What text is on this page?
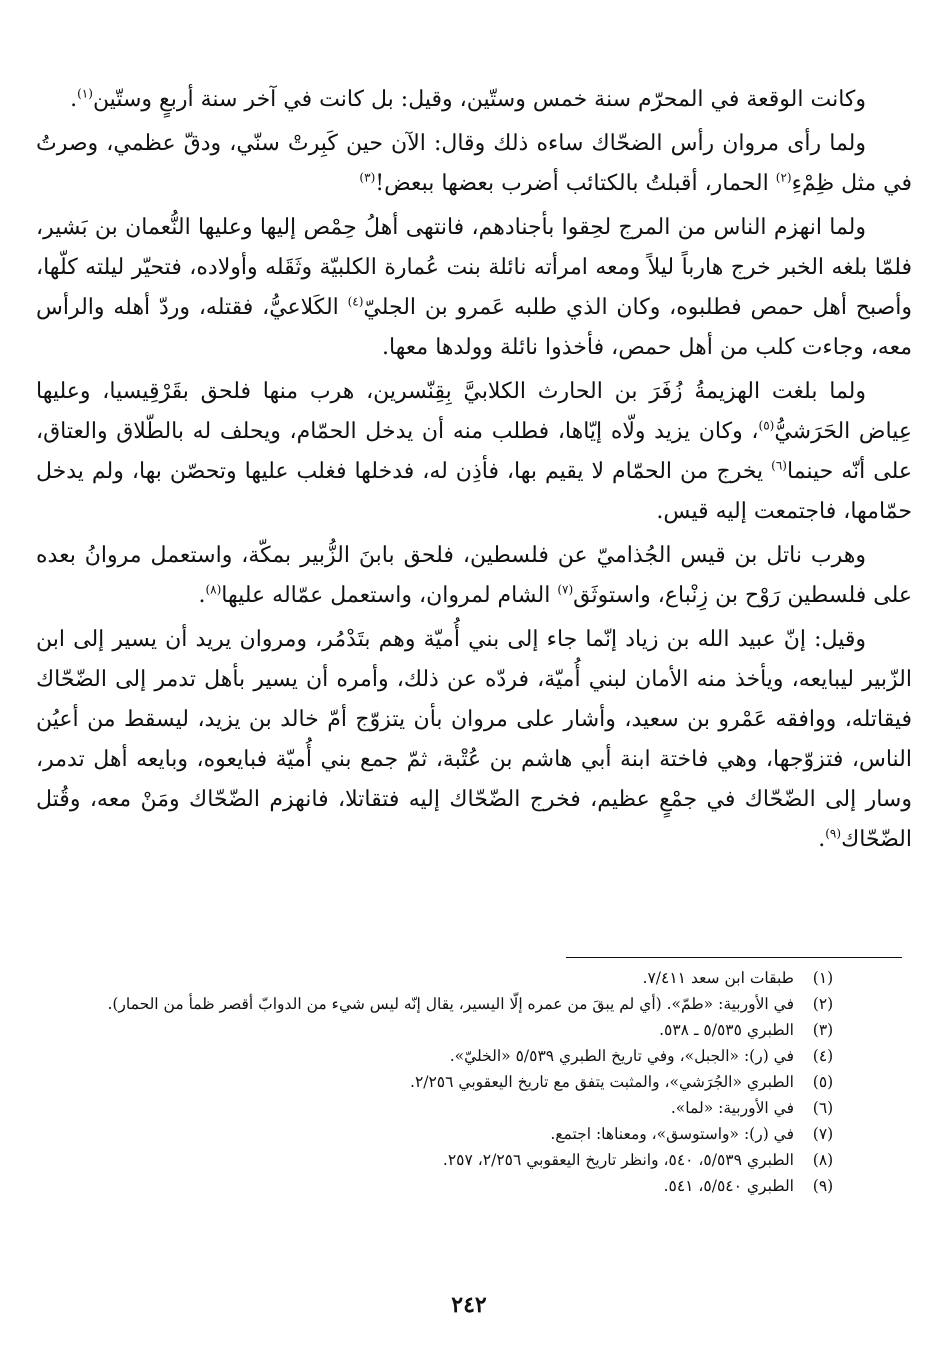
وكانت الوقعة في المحرّم سنة خمس وستّين، وقيل: بل كانت في آخر سنة أربعٍ وستّين$^{(١)}$.

ولما رأى مروان رأس الضحّاك ساءه ذلك وقال: الآن حين كَبِرتْ سنّي، ودقّ عظمي، وصرتُ في مثل ظِمْءِ$^{(٢)}$ الحمار، أقبلتُ بالكتائب أضرب بعضها ببعض!$^{(٣)}$

ولما انهزم الناس من المرج لحِقوا بأجنادهم، فانتهى أهلُ حِمْص إليها وعليها النُّعمان بن بَشير، فلمّا بلغه الخبر خرج هارباً ليلاً ومعه امرأته نائلة بنت عُمارة الكلبيّة وثَقَله وأولاده، فتحيّر ليلته كلّها، وأصبح أهل حمص فطلبوه، وكان الذي طلبه عَمرو بن الجليّ$^{(٤)}$ الكَلاعيُّ، فقتله، وردّ أهله والرأس معه، وجاءت كلب من أهل حمص، فأخذوا نائلة وولدها معها.

ولما بلغت الهزيمةُ زُفَرَ بن الحارث الكلابيَّ بِقِنّسرين، هرب منها فلحق بقَرْقِيسيا، وعليها عِياض الحَرَشيُّ$^{(٥)}$، وكان يزيد ولّاه إيّاها، فطلب منه أن يدخل الحمّام، ويحلف له بالطّلاق والعتاق، على أنّه حينما$^{(٦)}$ يخرج من الحمّام لا يقيم بها، فأذِن له، فدخلها فغلب عليها وتحصّن بها، ولم يدخل حمّامها، فاجتمعت إليه قيس.

وهرب ناتل بن قيس الجُذاميّ عن فلسطين، فلحق بابنَ الزُّبير بمكّة، واستعمل مروانُ بعده على فلسطين رَوْح بن زِنْباع، واستوثَق$^{(٧)}$ الشام لمروان، واستعمل عمّاله عليها$^{(٨)}$.

وقيل: إنّ عبيد الله بن زياد إنّما جاء إلى بني أُميّة وهم بتَدْمُر، ومروان يريد أن يسير إلى ابن الزّبير ليبايعه، ويأخذ منه الأمان لبني أُميّة، فردّه عن ذلك، وأمره أن يسير بأهل تدمر إلى الضّحّاك فيقاتله، ووافقه عَمْرو بن سعيد، وأشار على مروان بأن يتزوّج أمّ خالد بن يزيد، ليسقط من أعيُن الناس، فتزوّجها، وهي فاختة ابنة أبي هاشم بن عُتْبة، ثمّ جمع بني أُميّة فبايعوه، وبايعه أهل تدمر، وسار إلى الضّحّاك في جمْعٍ عظيم، فخرج الضّحّاك إليه فتقاتلا، فانهزم الضّحّاك ومَنْ معه، وقُتل الضّحّاك$^{(٩)}$.

(١)
طبقات ابن سعد ٧/٤١١.
(٢)
في الأوربية: «طمّ». (أي لم يبقَ من عمره إلّا اليسير، يقال إنّه ليس شيء من الدوابّ أقصر ظمأ من الحمار).
(٣)
الطبري ٥/٥٣٥ ـ ٥٣٨.
(٤)
في (ر): «الجبل»، وفي تاريخ الطبري ٥/٥٣٩ «الخليّ».
(٥)
الطبري «الجُرَشي»، والمثبت يتفق مع تاريخ اليعقوبي ٢/٢٥٦.
(٦)
في الأوربية: «لما».
(٧)
في (ر): «واستوسق»، ومعناها: اجتمع.
(٨)
الطبري ٥/٥٣٩، ٥٤٠، وانظر تاريخ اليعقوبي ٢/٢٥٦، ٢٥٧.
(٩)
الطبري ٥/٥٤٠، ٥٤١.
٢٤٢
